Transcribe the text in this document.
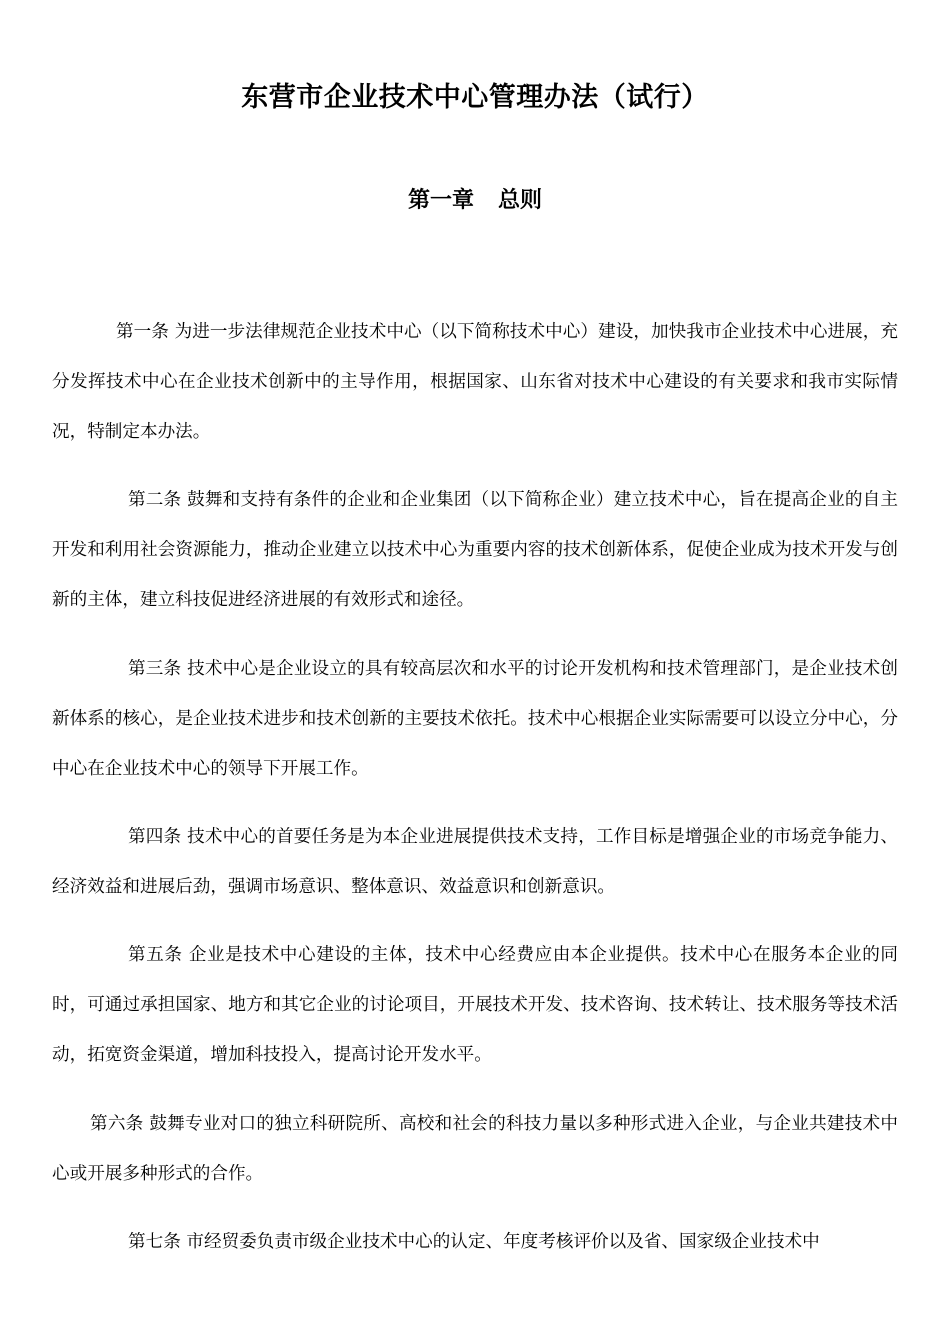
东营市企业技术中心管理办法（试行）
第一章 总则

第一条 为进一步法律规范企业技术中心（以下简称技术中心）建设，加快我市企业技术中心进展，充分发挥技术中心在企业技术创新中的主导作用，根据国家、山东省对技术中心建设的有关要求和我市实际情况，特制定本办法。

第二条 鼓舞和支持有条件的企业和企业集团（以下简称企业）建立技术中心，旨在提高企业的自主开发和利用社会资源能力，推动企业建立以技术中心为重要内容的技术创新体系，促使企业成为技术开发与创新的主体，建立科技促进经济进展的有效形式和途径。

第三条 技术中心是企业设立的具有较高层次和水平的讨论开发机构和技术管理部门，是企业技术创新体系的核心，是企业技术进步和技术创新的主要技术依托。技术中心根据企业实际需要可以设立分中心，分中心在企业技术中心的领导下开展工作。

第四条 技术中心的首要任务是为本企业进展提供技术支持，工作目标是增强企业的市场竞争能力、经济效益和进展后劲，强调市场意识、整体意识、效益意识和创新意识。

第五条 企业是技术中心建设的主体，技术中心经费应由本企业提供。技术中心在服务本企业的同时，可通过承担国家、地方和其它企业的讨论项目，开展技术开发、技术咨询、技术转让、技术服务等技术活动，拓宽资金渠道，增加科技投入，提高讨论开发水平。

第六条 鼓舞专业对口的独立科研院所、高校和社会的科技力量以多种形式进入企业，与企业共建技术中心或开展多种形式的合作。

第七条 市经贸委负责市级企业技术中心的认定、年度考核评价以及省、国家级企业技术中
